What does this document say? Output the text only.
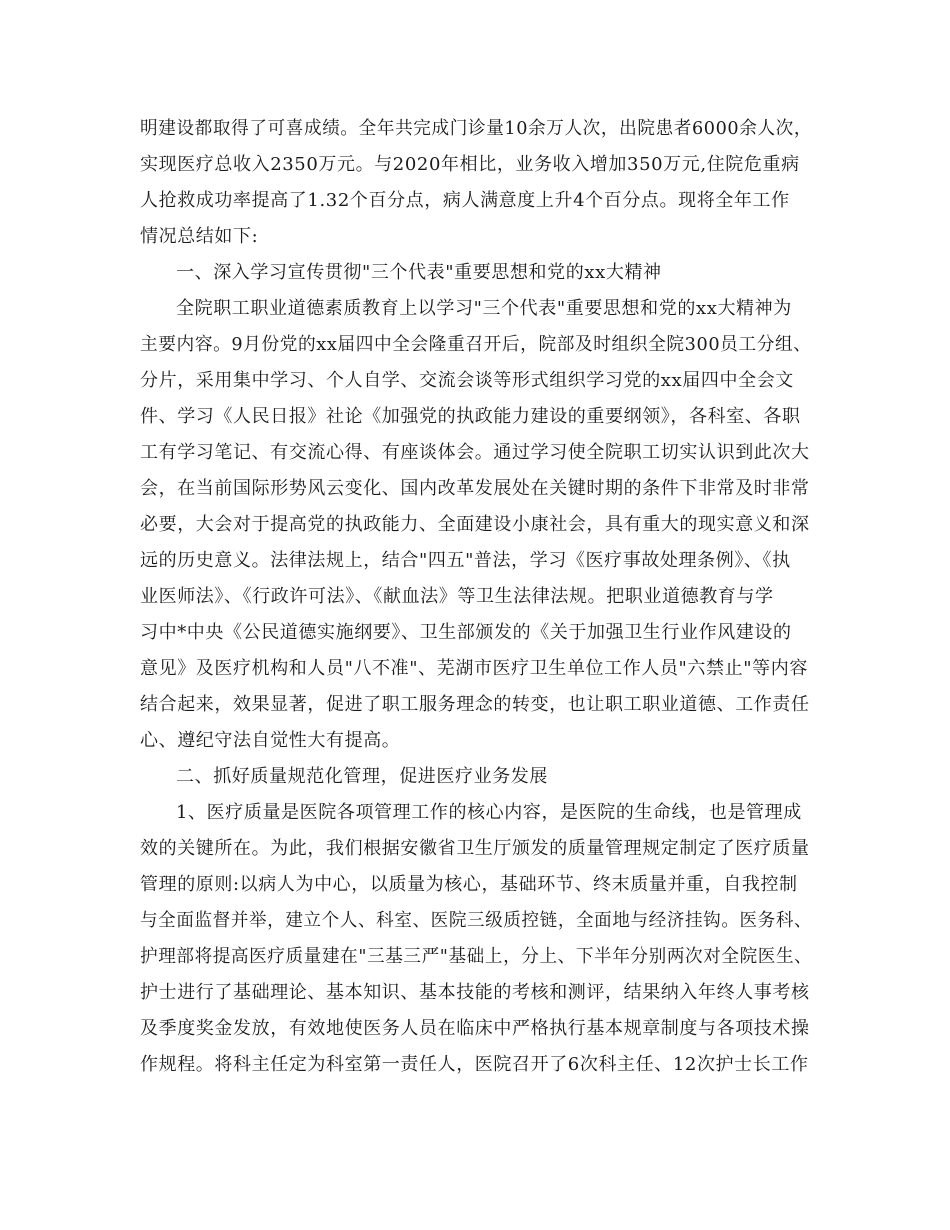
明建设都取得了可喜成绩。全年共完成门诊量10余万人次，出院患者6000余人次，
实现医疗总收入2350万元。与2020年相比，业务收入增加350万元,住院危重病
人抢救成功率提高了1.32个百分点，病人满意度上升4个百分点。现将全年工作
情况总结如下:
一、深入学习宣传贯彻"三个代表"重要思想和党的xx大精神
全院职工职业道德素质教育上以学习"三个代表"重要思想和党的xx大精神为
主要内容。9月份党的xx届四中全会隆重召开后，院部及时组织全院300员工分组、
分片，采用集中学习、个人自学、交流会谈等形式组织学习党的xx届四中全会文
件、学习《人民日报》社论《加强党的执政能力建设的重要纲领》，各科室、各职
工有学习笔记、有交流心得、有座谈体会。通过学习使全院职工切实认识到此次大
会，在当前国际形势风云变化、国内改革发展处在关键时期的条件下非常及时非常
必要，大会对于提高党的执政能力、全面建设小康社会，具有重大的现实意义和深
远的历史意义。法律法规上，结合"四五"普法，学习《医疗事故处理条例》、《执
业医师法》、《行政许可法》、《献血法》等卫生法律法规。把职业道德教育与学
习中*中央《公民道德实施纲要》、卫生部颁发的《关于加强卫生行业作风建设的
意见》及医疗机构和人员"八不准"、芜湖市医疗卫生单位工作人员"六禁止"等内容
结合起来，效果显著，促进了职工服务理念的转变，也让职工职业道德、工作责任
心、遵纪守法自觉性大有提高。
二、抓好质量规范化管理，促进医疗业务发展
1、医疗质量是医院各项管理工作的核心内容，是医院的生命线，也是管理成
效的关键所在。为此，我们根据安徽省卫生厅颁发的质量管理规定制定了医疗质量
管理的原则:以病人为中心，以质量为核心，基础环节、终末质量并重，自我控制
与全面监督并举，建立个人、科室、医院三级质控链，全面地与经济挂钩。医务科、
护理部将提高医疗质量建在"三基三严"基础上，分上、下半年分别两次对全院医生、
护士进行了基础理论、基本知识、基本技能的考核和测评，结果纳入年终人事考核
及季度奖金发放，有效地使医务人员在临床中严格执行基本规章制度与各项技术操
作规程。将科主任定为科室第一责任人，医院召开了6次科主任、12次护士长工作
